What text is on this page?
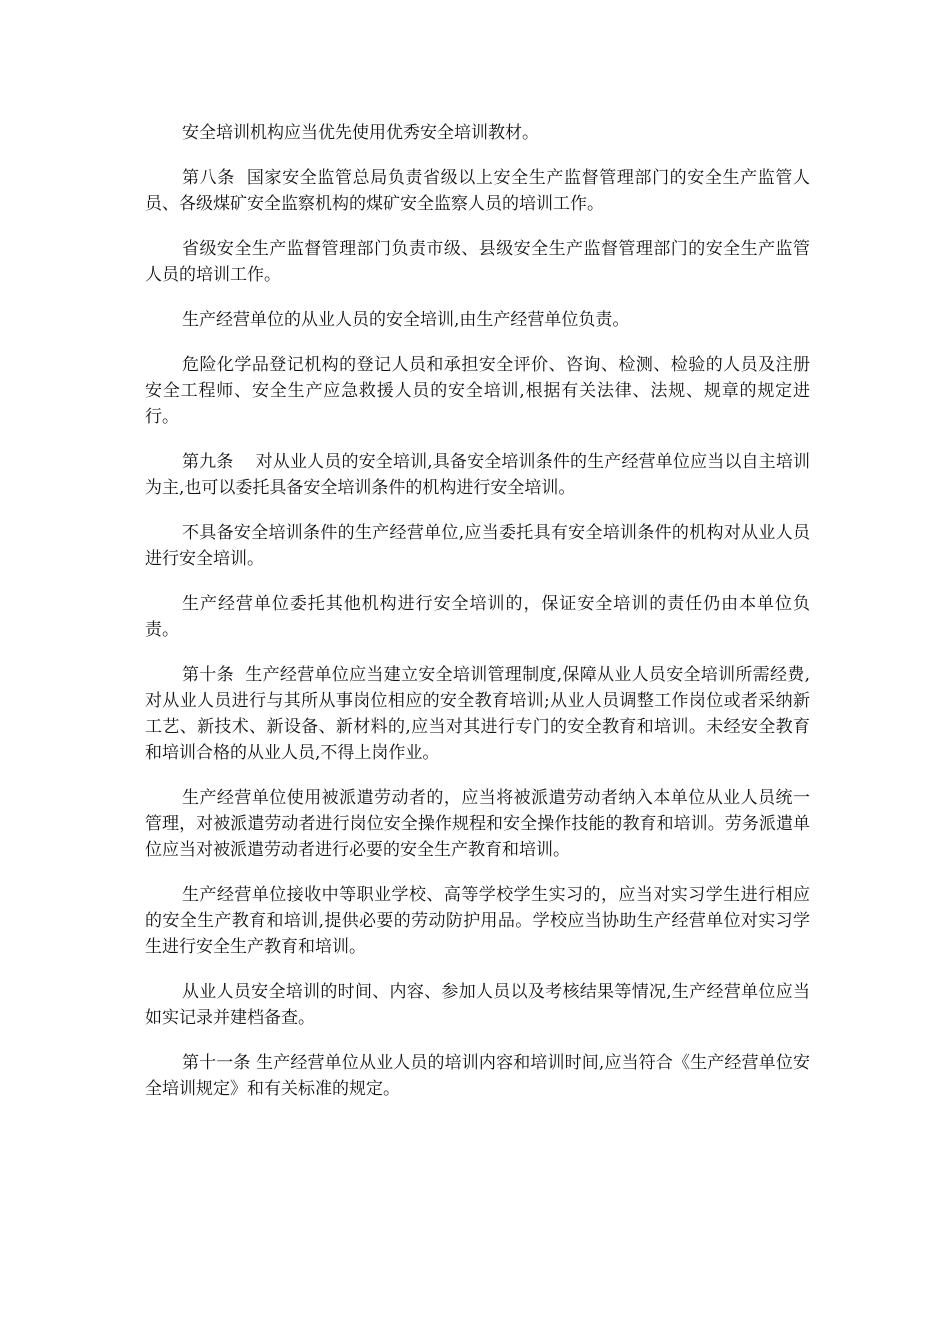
安全培训机构应当优先使用优秀安全培训教材。

第八条  国家安全监管总局负责省级以上安全生产监督管理部门的安全生产监管人员、各级煤矿安全监察机构的煤矿安全监察人员的培训工作。

省级安全生产监督管理部门负责市级、县级安全生产监督管理部门的安全生产监管人员的培训工作。

生产经营单位的从业人员的安全培训,由生产经营单位负责。

危险化学品登记机构的登记人员和承担安全评价、咨询、检测、检验的人员及注册安全工程师、安全生产应急救援人员的安全培训,根据有关法律、法规、规章的规定进行。

第九条    对从业人员的安全培训,具备安全培训条件的生产经营单位应当以自主培训为主,也可以委托具备安全培训条件的机构进行安全培训。

不具备安全培训条件的生产经营单位,应当委托具有安全培训条件的机构对从业人员进行安全培训。

生产经营单位委托其他机构进行安全培训的，保证安全培训的责任仍由本单位负责。

第十条  生产经营单位应当建立安全培训管理制度,保障从业人员安全培训所需经费,对从业人员进行与其所从事岗位相应的安全教育培训;从业人员调整工作岗位或者采纳新工艺、新技术、新设备、新材料的,应当对其进行专门的安全教育和培训。未经安全教育和培训合格的从业人员,不得上岗作业。

生产经营单位使用被派遣劳动者的，应当将被派遣劳动者纳入本单位从业人员统一管理，对被派遣劳动者进行岗位安全操作规程和安全操作技能的教育和培训。劳务派遣单位应当对被派遣劳动者进行必要的安全生产教育和培训。

生产经营单位接收中等职业学校、高等学校学生实习的，应当对实习学生进行相应的安全生产教育和培训,提供必要的劳动防护用品。学校应当协助生产经营单位对实习学生进行安全生产教育和培训。

从业人员安全培训的时间、内容、参加人员以及考核结果等情况,生产经营单位应当如实记录并建档备查。

第十一条 生产经营单位从业人员的培训内容和培训时间,应当符合《生产经营单位安全培训规定》和有关标准的规定。
